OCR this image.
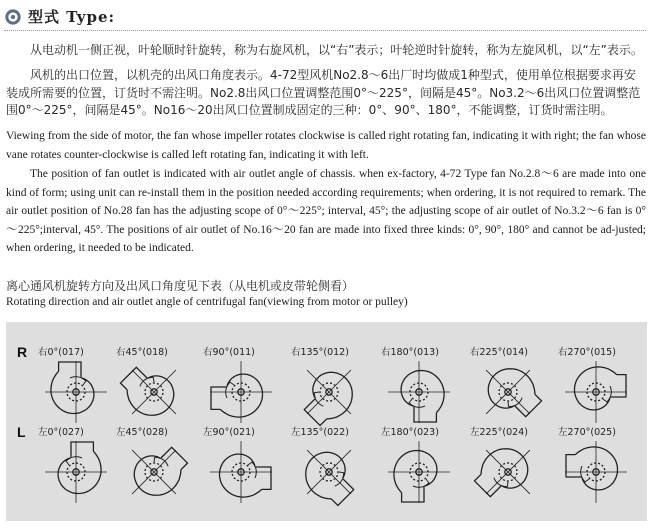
型式 Type:
从电动机一侧正视，叶轮顺时针旋转，称为右旋风机，以“右”表示；叶轮逆时针旋转，称为左旋风机，以“左”表示。
风机的出口位置，以机壳的出风口角度表示。4-72型风机No2.8～6出厂时均做成1种型式，使用单位根据要求再安装成所需要的位置，订货时不需注明。No2.8出风口位置调整范围0°～225°，间隔是45°。No3.2～6出风口位置调整范围0°～225°，间隔是45°。No16～20出风口位置制成固定的三种：0°、90°、180°，不能调整，订货时需注明。
Viewing from the side of motor, the fan whose impeller rotates clockwise is called right rotating fan, indicating it with right; the fan whose vane rotates counter-clockwise is called left rotating fan, indicating it with left.
The position of fan outlet is indicated with air outlet angle of chassis. when ex-factory, 4-72 Type fan No.2.8～6 are made into one kind of form; using unit can re-install them in the position needed according requirements; when ordering, it is not required to remark. The air outlet position of No.28 fan has the adjusting scope of 0°～225°; interval, 45°; the adjusting scope of air outlet of No.3.2～6 fan is 0°～225°;interval, 45°. The positions of air outlet of No.16～20 fan are made into fixed three kinds: 0°, 90°, 180° and cannot be ad-justed; when ordering, it needed to be indicated.
离心通风机旋转方向及出风口角度见下表（从电机或皮带轮侧看）
Rotating direction and air outlet angle of centrifugal fan(viewing from motor or pulley)
R 右0°(017)	右45°(018)	右90°(011)	右135°(012)	右180°(013)	右225°(014)	右270°(015)
L 左0°(027)	左45°(028)	左90°(021)	左135°(022)	左180°(023)	左225°(024)	左270°(025)
